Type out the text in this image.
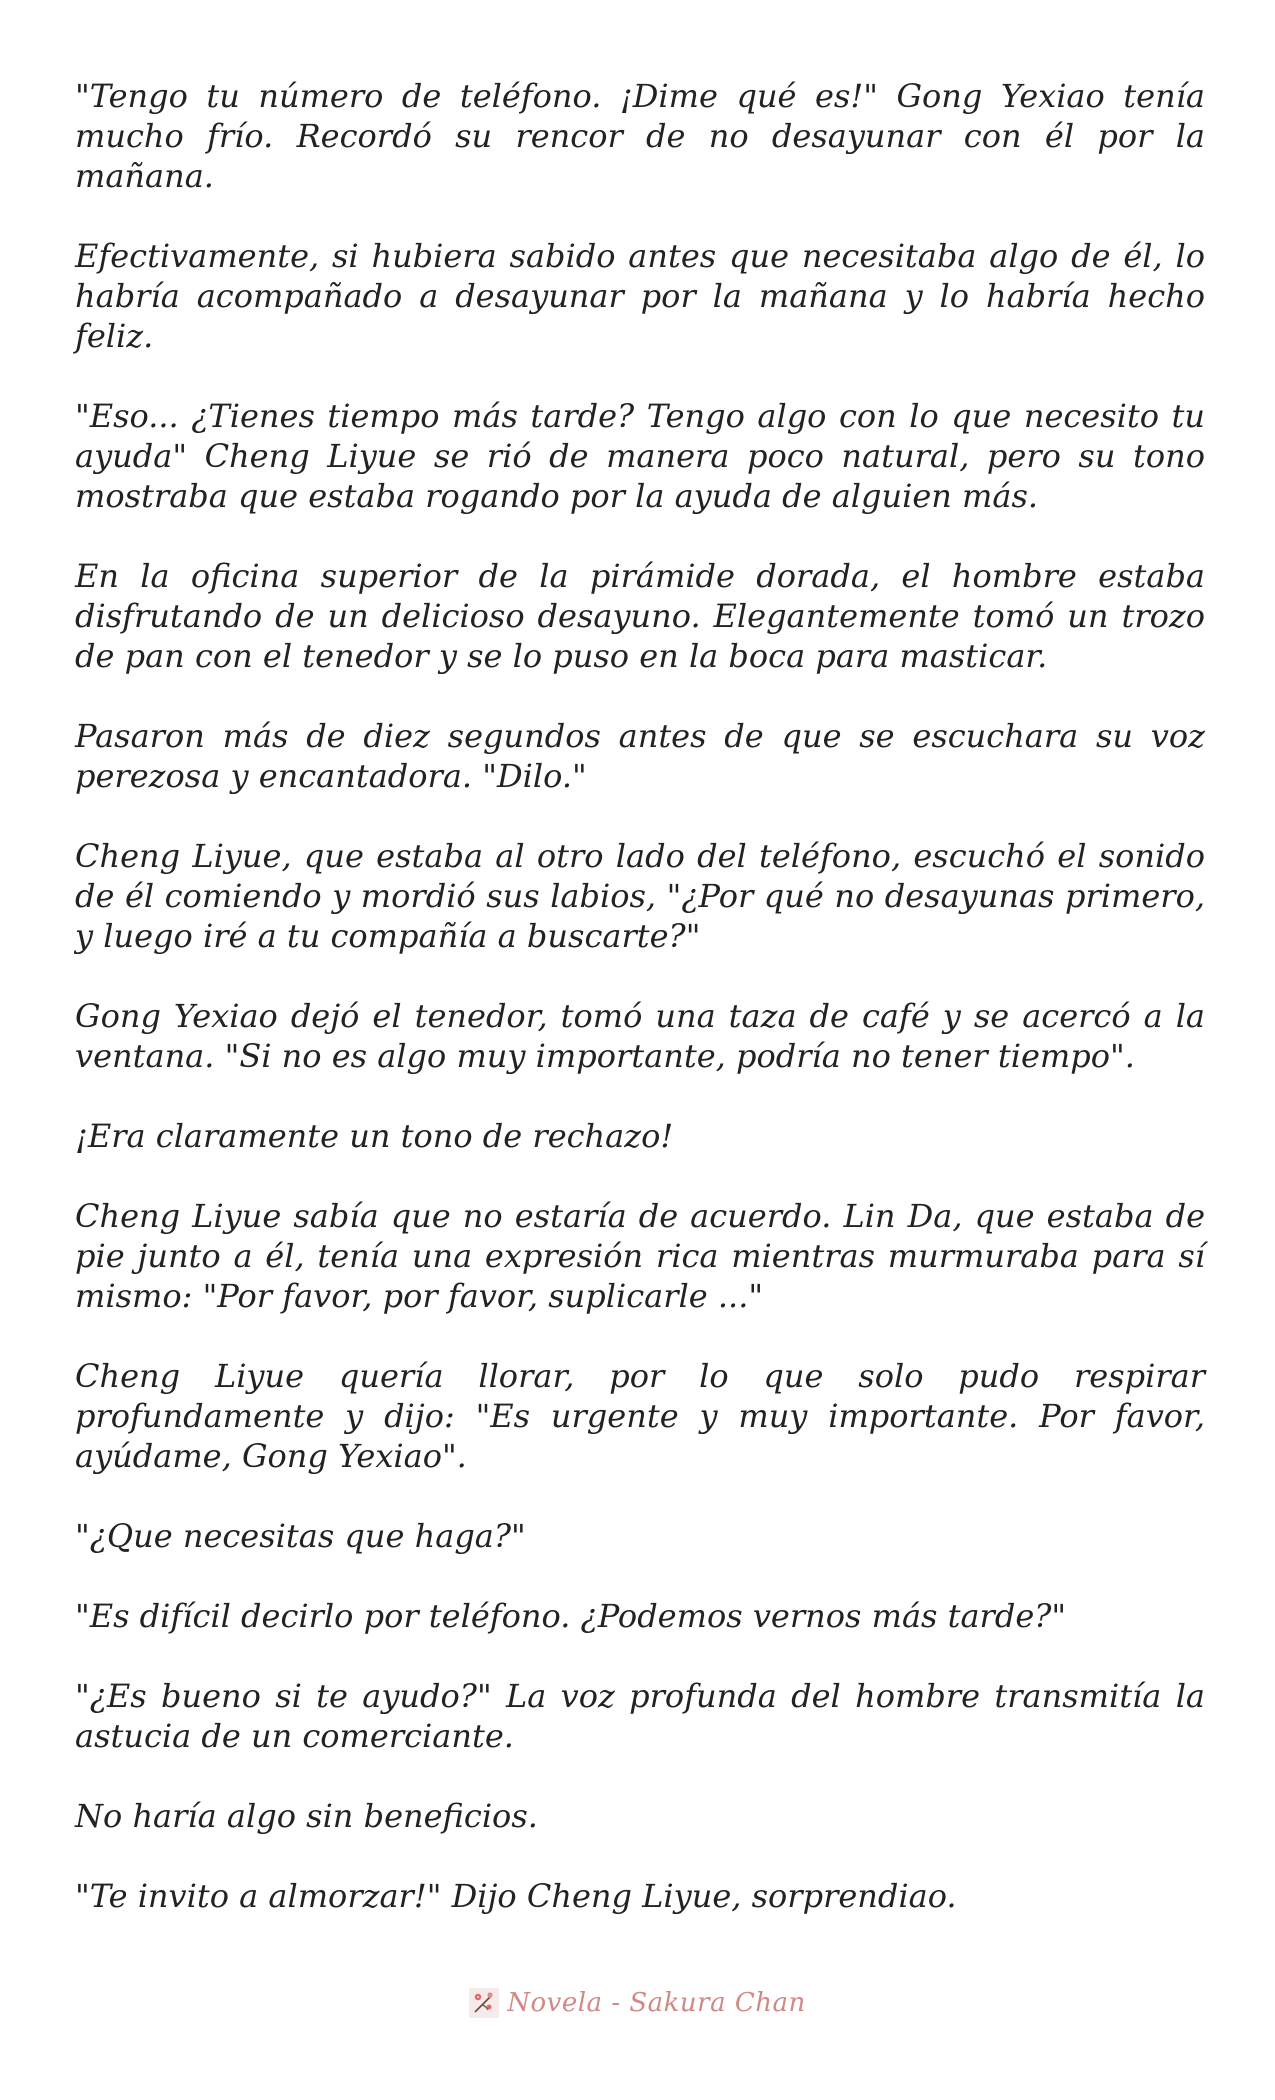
"Tengo tu número de teléfono. ¡Dime qué es!" Gong Yexiao tenía mucho frío. Recordó su rencor de no desayunar con él por la mañana.

Efectivamente, si hubiera sabido antes que necesitaba algo de él, lo habría acompañado a desayunar por la mañana y lo habría hecho feliz.

"Eso... ¿Tienes tiempo más tarde? Tengo algo con lo que necesito tu ayuda" Cheng Liyue se rió de manera poco natural, pero su tono mostraba que estaba rogando por la ayuda de alguien más.

En la oficina superior de la pirámide dorada, el hombre estaba disfrutando de un delicioso desayuno. Elegantemente tomó un trozo de pan con el tenedor y se lo puso en la boca para masticar.

Pasaron más de diez segundos antes de que se escuchara su voz perezosa y encantadora. "Dilo."

Cheng Liyue, que estaba al otro lado del teléfono, escuchó el sonido de él comiendo y mordió sus labios, "¿Por qué no desayunas primero, y luego iré a tu compañía a buscarte?"

Gong Yexiao dejó el tenedor, tomó una taza de café y se acercó a la ventana. "Si no es algo muy importante, podría no tener tiempo".

¡Era claramente un tono de rechazo!

Cheng Liyue sabía que no estaría de acuerdo. Lin Da, que estaba de pie junto a él, tenía una expresión rica mientras murmuraba para sí mismo: "Por favor, por favor, suplicarle ..."

Cheng Liyue quería llorar, por lo que solo pudo respirar profundamente y dijo: "Es urgente y muy importante. Por favor, ayúdame, Gong Yexiao".

"¿Que necesitas que haga?"

"Es difícil decirlo por teléfono. ¿Podemos vernos más tarde?"

"¿Es bueno si te ayudo?" La voz profunda del hombre transmitía la astucia de un comerciante.

No haría algo sin beneficios.

"Te invito a almorzar!" Dijo Cheng Liyue, sorprendiao.

Novela - Sakura Chan
